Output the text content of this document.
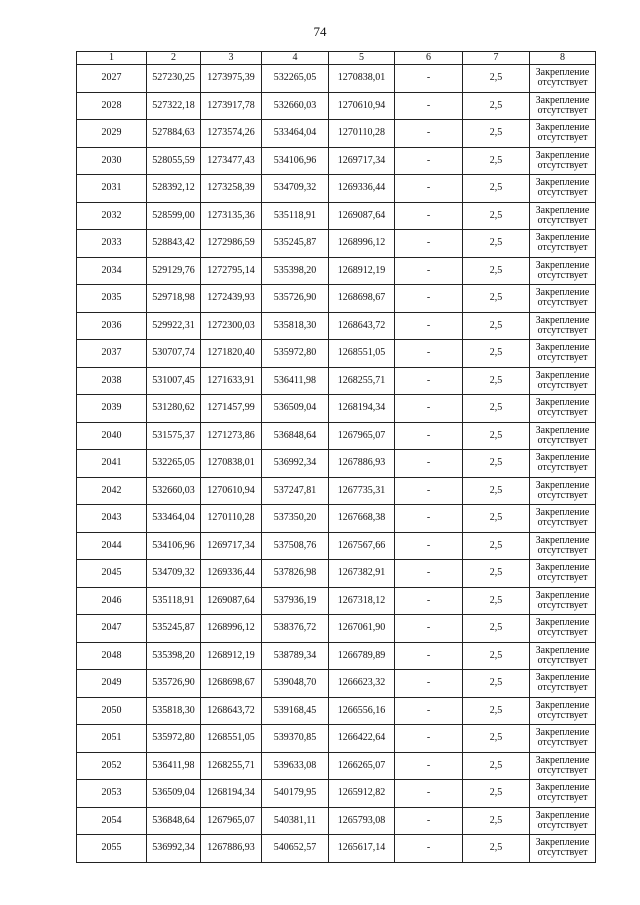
74
1	2	3	4	5	6	7	8
2027	527230,25	1273975,39	532265,05	1270838,01	-	2,5	Закрепление отсутствует
2028	527322,18	1273917,78	532660,03	1270610,94	-	2,5	Закрепление отсутствует
2029	527884,63	1273574,26	533464,04	1270110,28	-	2,5	Закрепление отсутствует
2030	528055,59	1273477,43	534106,96	1269717,34	-	2,5	Закрепление отсутствует
2031	528392,12	1273258,39	534709,32	1269336,44	-	2,5	Закрепление отсутствует
2032	528599,00	1273135,36	535118,91	1269087,64	-	2,5	Закрепление отсутствует
2033	528843,42	1272986,59	535245,87	1268996,12	-	2,5	Закрепление отсутствует
2034	529129,76	1272795,14	535398,20	1268912,19	-	2,5	Закрепление отсутствует
2035	529718,98	1272439,93	535726,90	1268698,67	-	2,5	Закрепление отсутствует
2036	529922,31	1272300,03	535818,30	1268643,72	-	2,5	Закрепление отсутствует
2037	530707,74	1271820,40	535972,80	1268551,05	-	2,5	Закрепление отсутствует
2038	531007,45	1271633,91	536411,98	1268255,71	-	2,5	Закрепление отсутствует
2039	531280,62	1271457,99	536509,04	1268194,34	-	2,5	Закрепление отсутствует
2040	531575,37	1271273,86	536848,64	1267965,07	-	2,5	Закрепление отсутствует
2041	532265,05	1270838,01	536992,34	1267886,93	-	2,5	Закрепление отсутствует
2042	532660,03	1270610,94	537247,81	1267735,31	-	2,5	Закрепление отсутствует
2043	533464,04	1270110,28	537350,20	1267668,38	-	2,5	Закрепление отсутствует
2044	534106,96	1269717,34	537508,76	1267567,66	-	2,5	Закрепление отсутствует
2045	534709,32	1269336,44	537826,98	1267382,91	-	2,5	Закрепление отсутствует
2046	535118,91	1269087,64	537936,19	1267318,12	-	2,5	Закрепление отсутствует
2047	535245,87	1268996,12	538376,72	1267061,90	-	2,5	Закрепление отсутствует
2048	535398,20	1268912,19	538789,34	1266789,89	-	2,5	Закрепление отсутствует
2049	535726,90	1268698,67	539048,70	1266623,32	-	2,5	Закрепление отсутствует
2050	535818,30	1268643,72	539168,45	1266556,16	-	2,5	Закрепление отсутствует
2051	535972,80	1268551,05	539370,85	1266422,64	-	2,5	Закрепление отсутствует
2052	536411,98	1268255,71	539633,08	1266265,07	-	2,5	Закрепление отсутствует
2053	536509,04	1268194,34	540179,95	1265912,82	-	2,5	Закрепление отсутствует
2054	536848,64	1267965,07	540381,11	1265793,08	-	2,5	Закрепление отсутствует
2055	536992,34	1267886,93	540652,57	1265617,14	-	2,5	Закрепление отсутствует
